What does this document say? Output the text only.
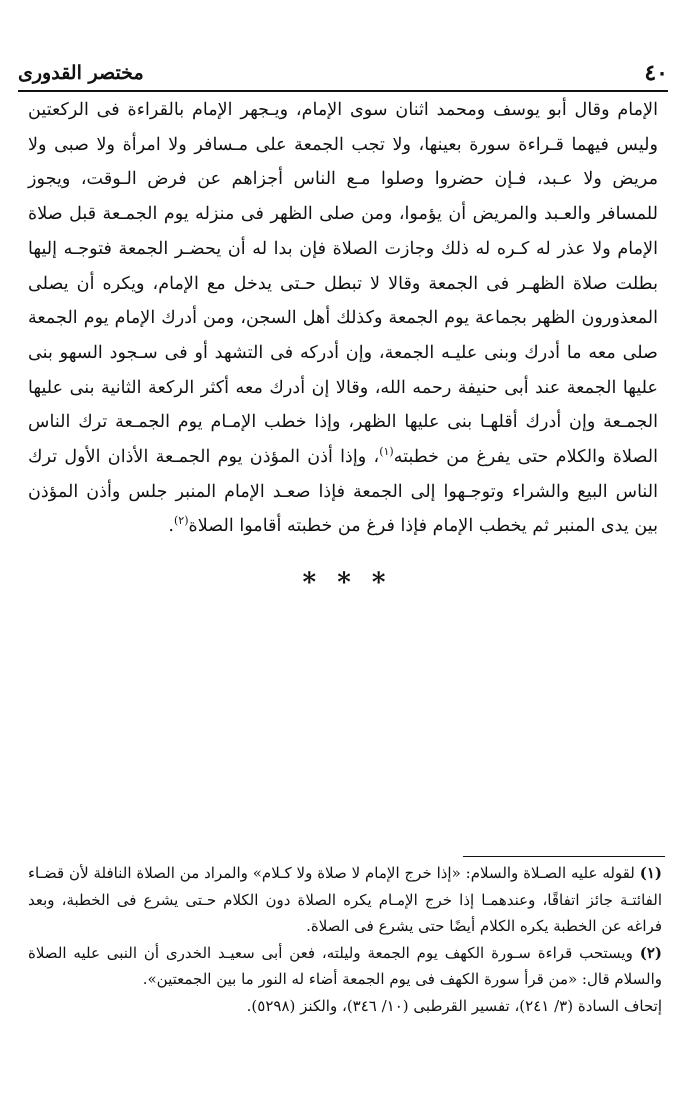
٤٠
مختصر القدورى

الإمام وقال أبو يوسف ومحمد اثنان سوى الإمام، ويـجهر الإمام بالقراءة فى الركعتين وليس فيهما قـراءة سورة بعينها، ولا تجب الجمعة على مـسافر ولا امرأة ولا صبى ولا مريض ولا عـبد، فـإن حضروا وصلوا مـع الناس أجزاهم عن فرض الـوقت، ويجوز للمسافر والعـبد والمريض أن يؤموا، ومن صلى الظهر فى منزله يوم الجمـعة قبل صلاة الإمام ولا عذر له كـره له ذلك وجازت الصلاة فإن بدا له أن يحضـر الجمعة فتوجـه إليها بطلت صلاة الظهـر فى الجمعة وقالا لا تبطل حـتى يدخل مع الإمام، ويكره أن يصلى المعذورون الظهر بجماعة يوم الجمعة وكذلك أهل السجن، ومن أدرك الإمام يوم الجمعة صلى معه ما أدرك وبنى عليـه الجمعة، وإن أدركه فى التشهد أو فى سـجود السهو بنى عليها الجمعة عند أبى حنيفة رحمه الله، وقالا إن أدرك معه أكثر الركعة الثانية بنى عليها الجمـعة وإن أدرك أقلهـا بنى عليها الظهر، وإذا خطب الإمـام يوم الجمـعة ترك الناس الصلاة والكلام حتى يفرغ من خطبته$^{(١)}$، وإذا أذن المؤذن يوم الجمـعة الأذان الأول ترك الناس البيع والشراء وتوجـهوا إلى الجمعة فإذا صعـد الإمام المنبر جلس وأذن المؤذن بين يدى المنبر ثم يخطب الإمام فإذا فرغ من خطبته أقاموا الصلاة$^{(٢)}$.

* * *

(١) لقوله عليه الصـلاة والسلام: «إذا خرج الإمام لا صلاة ولا كـلام» والمراد من الصلاة النافلة لأن قضـاء الفائتـة جائز اتفاقًا، وعندهمـا إذا خرج الإمـام يكره الصلاة دون الكلام حـتى يشرع فى الخطبة، وبعد فراغه عن الخطبة يكره الكلام أيضًا حتى يشرع فى الصلاة.

(٢) ويستحب قراءة سـورة الكهف يوم الجمعة وليلته، فعن أبى سعيـد الخدرى أن النبى عليه الصلاة والسلام قال: «من قرأ سورة الكهف فى يوم الجمعة أضاء له النور ما بين الجمعتين».
إتحاف السادة (٣/ ٢٤١)، تفسير القرطبى (١٠/ ٣٤٦)، والكنز (٥٢٩٨).
